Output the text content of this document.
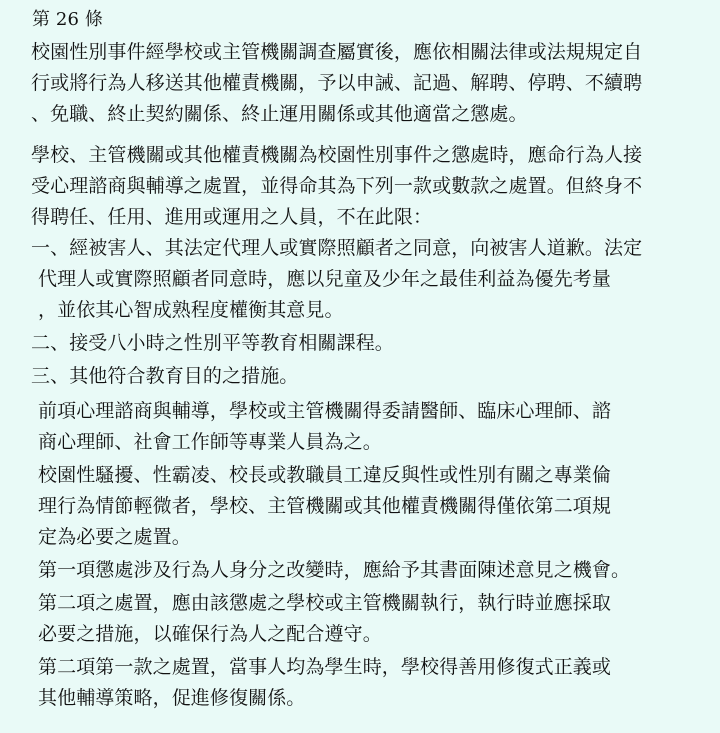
第 26 條
校園性別事件經學校或主管機關調查屬實後，應依相關法律或法規規定自
行或將行為人移送其他權責機關，予以申誡、記過、解聘、停聘、不續聘
、免職、終止契約關係、終止運用關係或其他適當之懲處。
學校、主管機關或其他權責機關為校園性別事件之懲處時，應命行為人接
受心理諮商與輔導之處置，並得命其為下列一款或數款之處置。但終身不
得聘任、任用、進用或運用之人員，不在此限：
一、經被害人、其法定代理人或實際照顧者之同意，向被害人道歉。法定
代理人或實際照顧者同意時，應以兒童及少年之最佳利益為優先考量
，並依其心智成熟程度權衡其意見。
二、接受八小時之性別平等教育相關課程。
三、其他符合教育目的之措施。
前項心理諮商與輔導，學校或主管機關得委請醫師、臨床心理師、諮
商心理師、社會工作師等專業人員為之。
校園性騷擾、性霸凌、校長或教職員工違反與性或性別有關之專業倫
理行為情節輕微者，學校、主管機關或其他權責機關得僅依第二項規
定為必要之處置。
第一項懲處涉及行為人身分之改變時，應給予其書面陳述意見之機會。
第二項之處置，應由該懲處之學校或主管機關執行，執行時並應採取
必要之措施，以確保行為人之配合遵守。
第二項第一款之處置，當事人均為學生時，學校得善用修復式正義或
其他輔導策略，促進修復關係。
